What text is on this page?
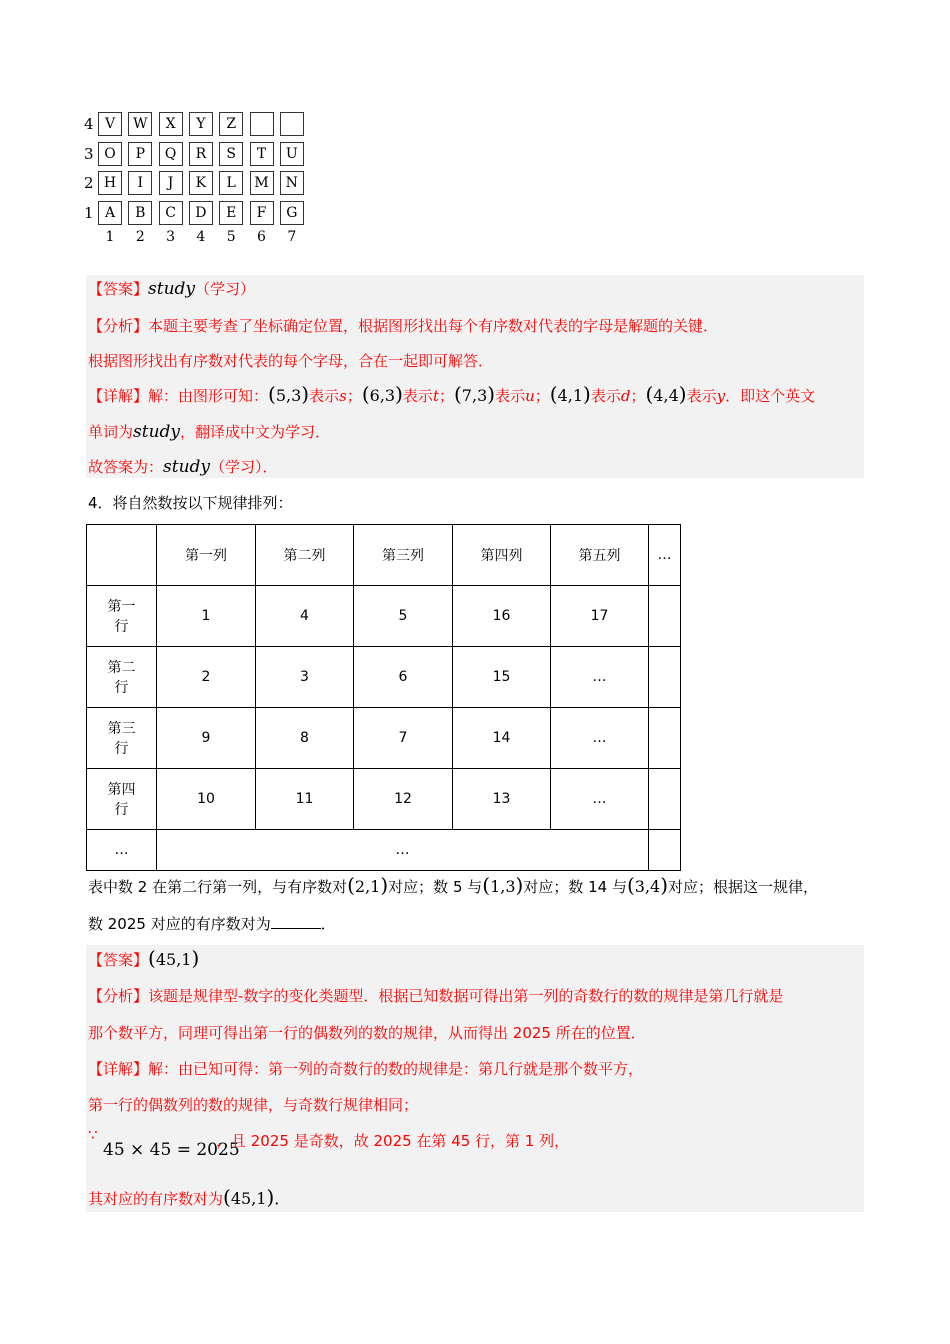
4 V	W	X	Y	Z
3 O	P	Q	R	S	T	U
2 H	I	J	K	L	M	N
1 A	B	C	D	E	F	G
1	2	3	4	5	6	7
【答案】study（学习）
【分析】本题主要考查了坐标确定位置，根据图形找出每个有序数对代表的字母是解题的关键．
根据图形找出有序数对代表的每个字母，合在一起即可解答．
【详解】解：由图形可知：(5,3)表示s；(6,3)表示t；(7,3)表示u；(4,1)表示d；(4,4)表示y．即这个英文
单词为study，翻译成中文为学习．
故答案为：study（学习）．
4．将自然数按以下规律排列：
	第一列	第二列	第三列	第四列	第五列	…
第一行	1	4	5	16	17	
第二行	2	3	6	15	…	
第三行	9	8	7	14	…	
第四行	10	11	12	13	…	
…	…					
表中数 2 在第二行第一列，与有序数对(2,1)对应；数 5 与(1,3)对应；数 14 与(3,4)对应；根据这一规律，
数 2025 对应的有序数对为	．
【答案】(45,1)
【分析】该题是规律型-数字的变化类题型．根据已知数据可得出第一列的奇数行的数的规律是第几行就是
那个数平方，同理可得出第一行的偶数列的数的规律，从而得出 2025 所在的位置．
【详解】解：由已知可得：第一列的奇数行的数的规律是：第几行就是那个数平方，
第一行的偶数列的数的规律，与奇数行规律相同；
∵
45 × 45 = 2025
，且 2025 是奇数，故 2025 在第 45 行，第 1 列，
其对应的有序数对为(45,1)．
